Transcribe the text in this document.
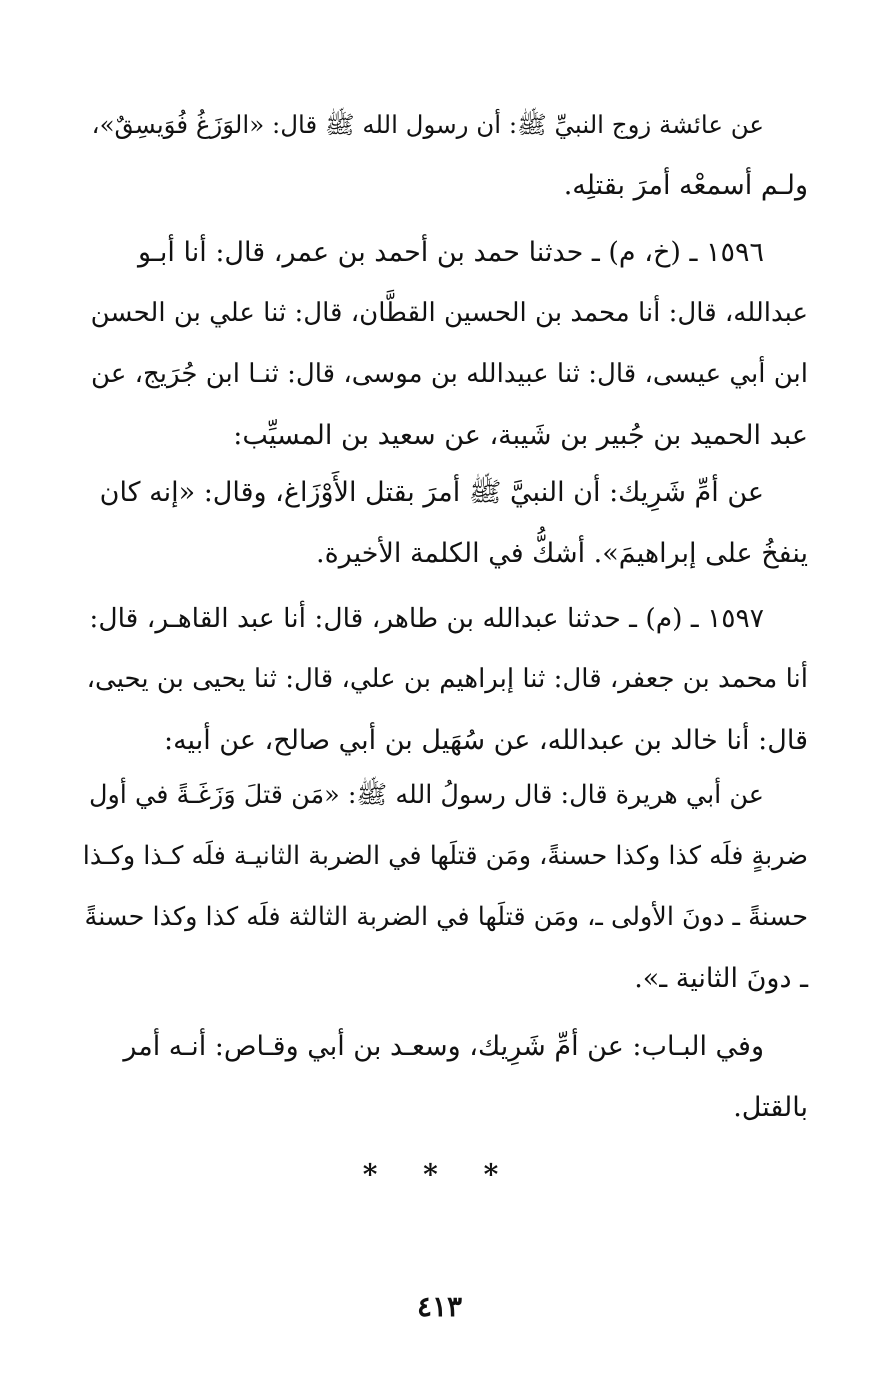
عن عائشة زوج النبيِّ ﷺ: أن رسول الله ﷺ قال: «الوَزَغُ فُوَيسِقٌ»،
ولـم أسمعْه أمرَ بقتلِه.
١٥٩٦ ـ (خ، م) ـ حدثنا حمد بن أحمد بن عمر، قال: أنا أبـو
عبدالله، قال: أنا محمد بن الحسين القطَّان، قال: ثنا علي بن الحسن
ابن أبي عيسى، قال: ثنا عبيدالله بن موسى، قال: ثنـا ابن جُرَيج، عن
عبد الحميد بن جُبير بن شَيبة، عن سعيد بن المسيِّب:
عن أمِّ شَرِيك: أن النبيَّ ﷺ أمرَ بقتل الأَوْزَاغ، وقال: «إنه كان
ينفخُ على إبراهيمَ». أشكُّ في الكلمة الأخيرة.
١٥٩٧ ـ (م) ـ حدثنا عبدالله بن طاهر، قال: أنا عبد القاهـر، قال:
أنا محمد بن جعفر، قال: ثنا إبراهيم بن علي، قال: ثنا يحيى بن يحيى،
قال: أنا خالد بن عبدالله، عن سُهَيل بن أبي صالح، عن أبيه:
عن أبي هريرة قال: قال رسولُ الله ﷺ: «مَن قتلَ وَزَغَـةً في أول
ضربةٍ فلَه كذا وكذا حسنةً، ومَن قتلَها في الضربة الثانيـة فلَه كـذا وكـذا
حسنةً ـ دونَ الأولى ـ، ومَن قتلَها في الضربة الثالثة فلَه كذا وكذا حسنةً
ـ دونَ الثانية ـ».
وفي البـاب: عن أمِّ شَرِيك، وسعـد بن أبي وقـاص: أنـه أمر
بالقتل.
* * *
٤١٣
